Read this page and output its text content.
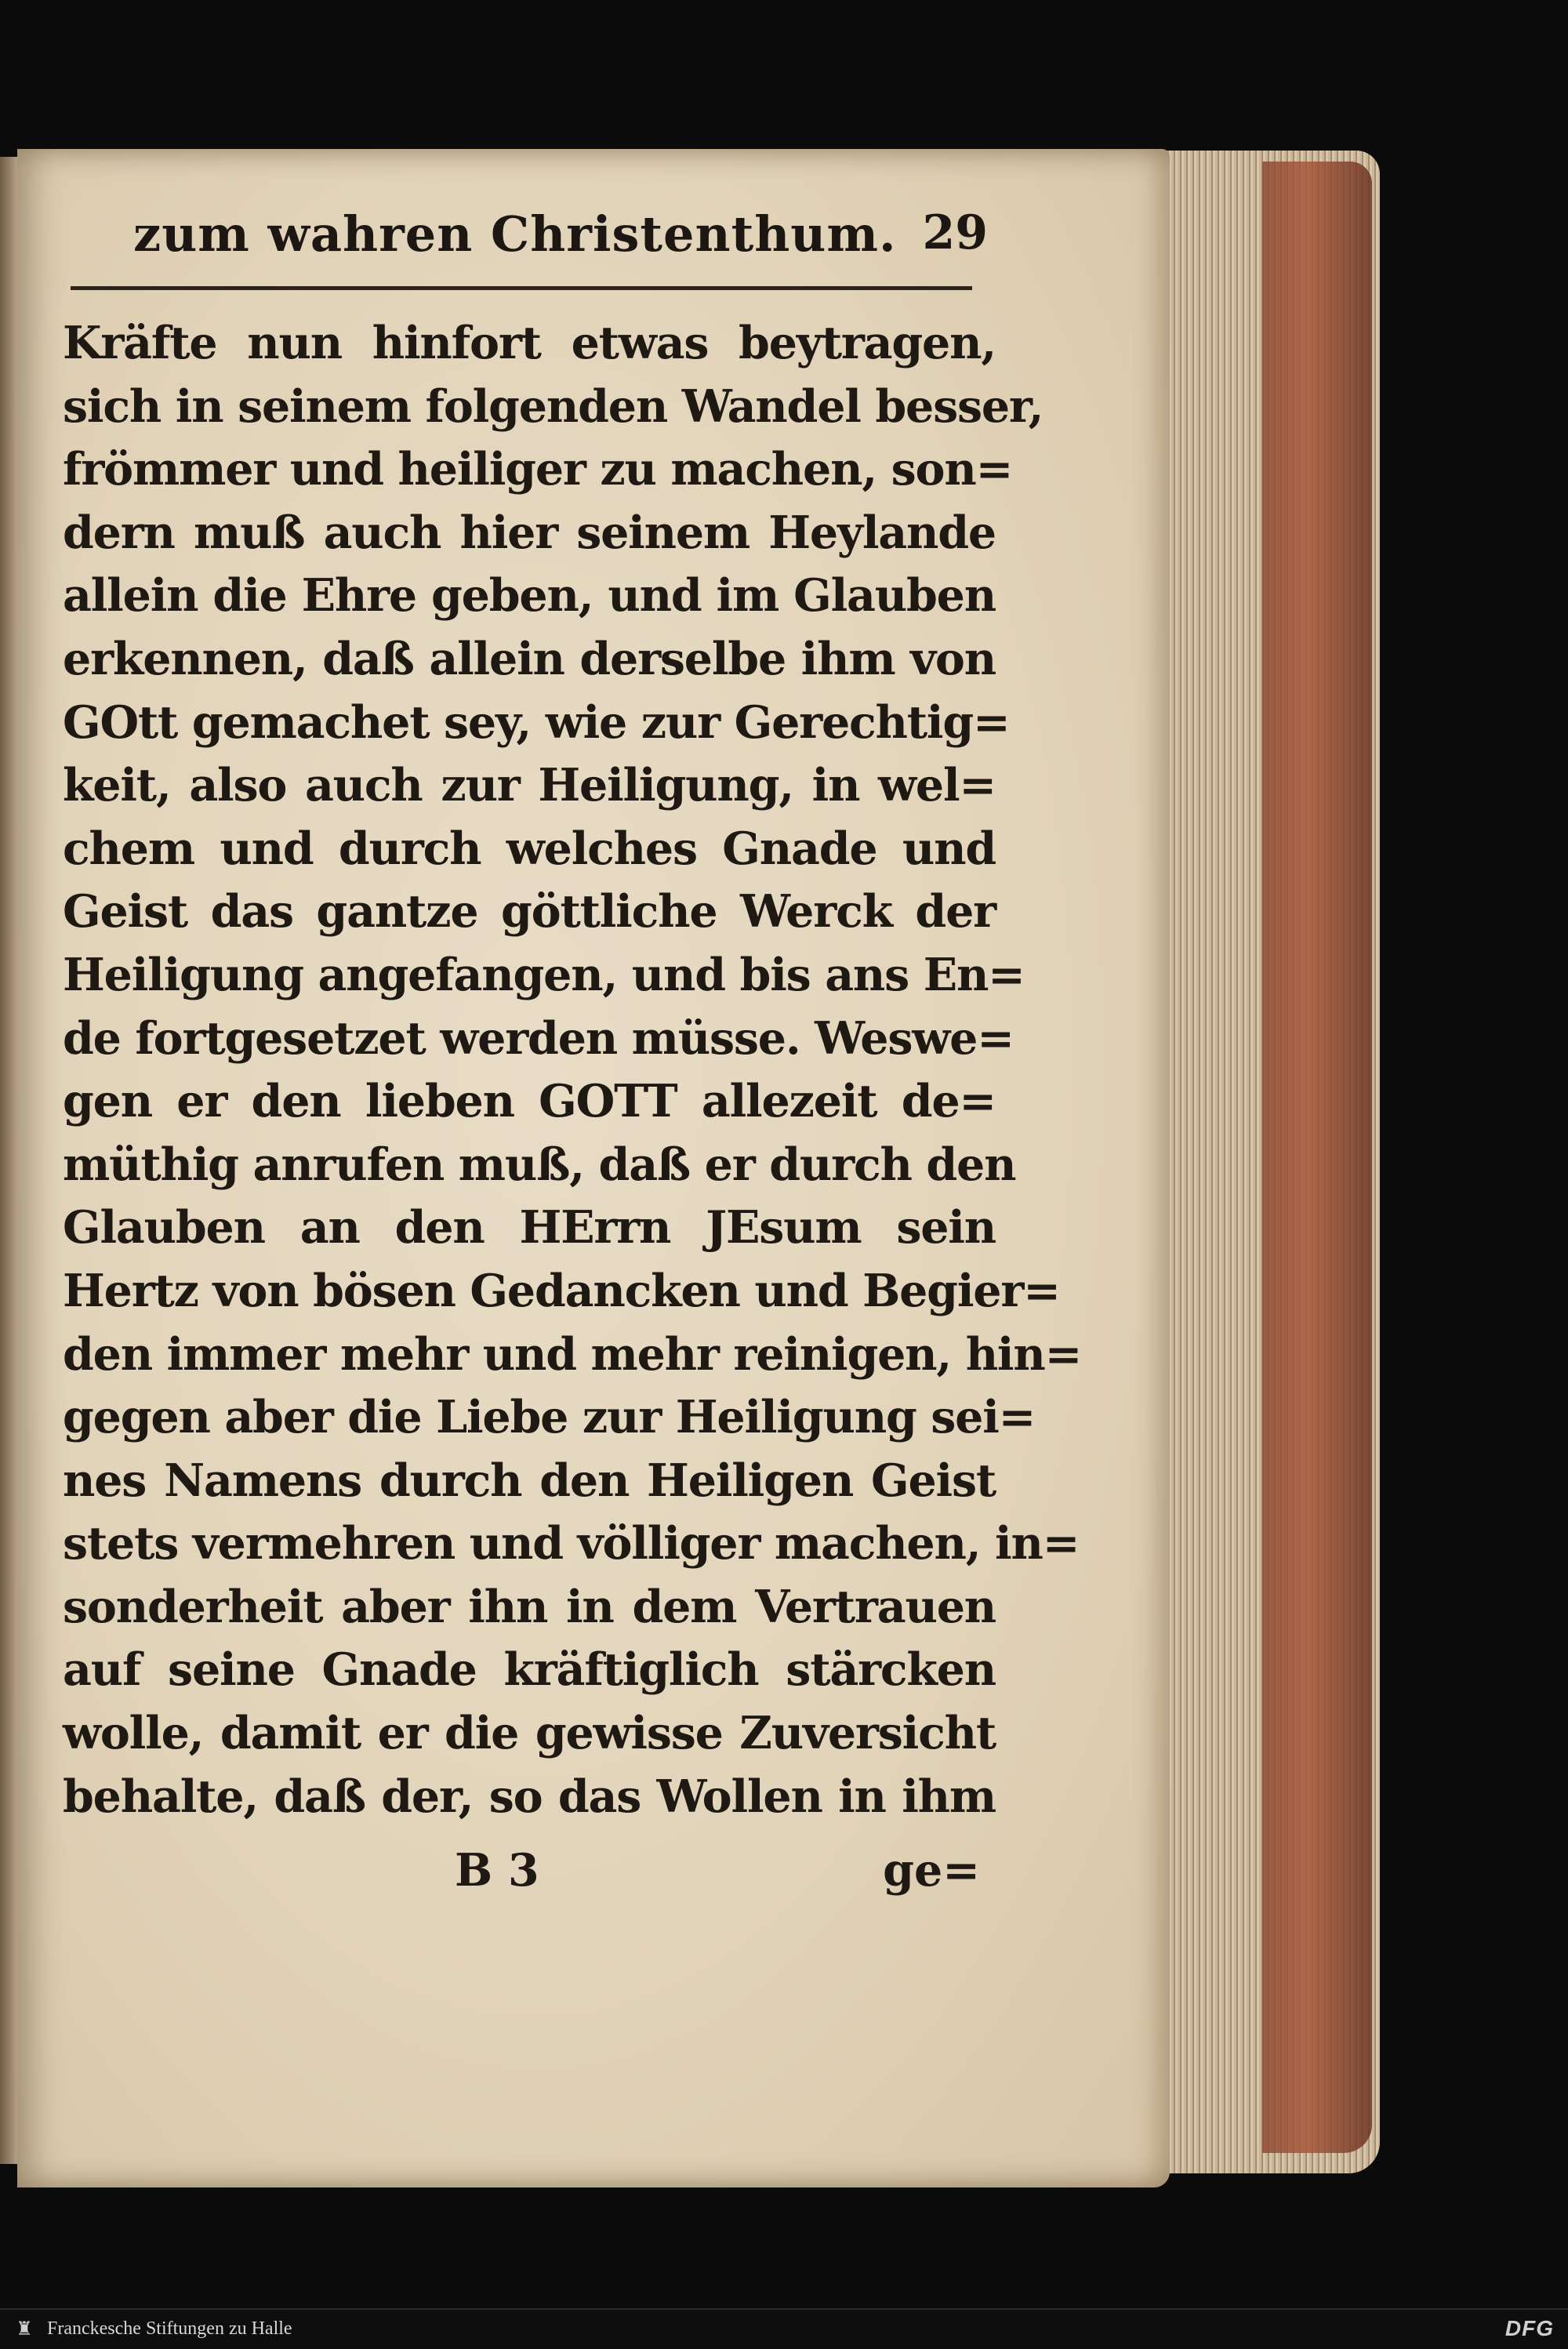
zum wahren Christenthum. 29
Kräfte nun hinfort etwas beytragen,
sich in seinem folgenden Wandel besser,
frömmer und heiliger zu machen, son=
dern muß auch hier seinem Heylande
allein die Ehre geben, und im Glauben
erkennen, daß allein derselbe ihm von
GOtt gemachet sey, wie zur Gerechtig=
keit, also auch zur Heiligung, in wel=
chem und durch welches Gnade und
Geist das gantze göttliche Werck der
Heiligung angefangen, und bis ans En=
de fortgesetzet werden müsse. Weswe=
gen er den lieben GOTT allezeit de=
müthig anrufen muß, daß er durch den
Glauben an den HErrn JEsum sein
Hertz von bösen Gedancken und Begier=
den immer mehr und mehr reinigen, hin=
gegen aber die Liebe zur Heiligung sei=
nes Namens durch den Heiligen Geist
stets vermehren und völliger machen, in=
sonderheit aber ihn in dem Vertrauen
auf seine Gnade kräftiglich stärcken
wolle, damit er die gewisse Zuversicht
behalte, daß der, so das Wollen in ihm
B 3	ge=
♜ Franckesche Stiftungen zu Halle	DFG
